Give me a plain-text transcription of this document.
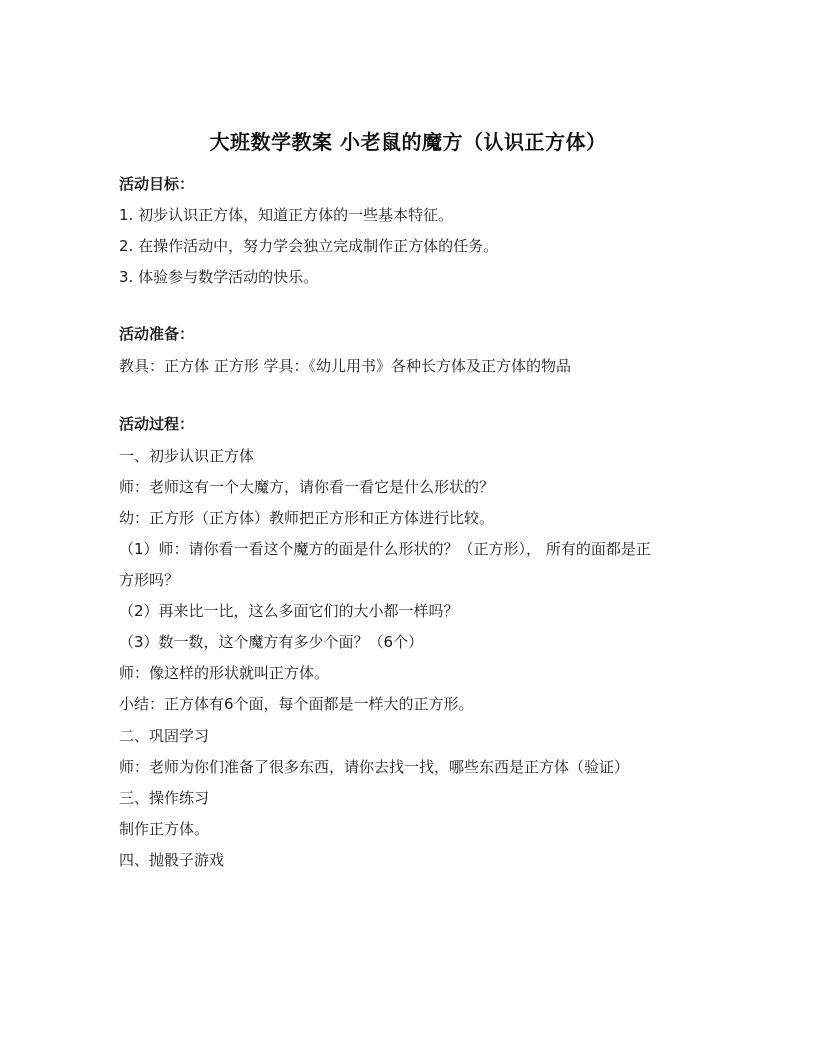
大班数学教案 小老鼠的魔方（认识正方体）
活动目标：
1. 初步认识正方体，知道正方体的一些基本特征。
2. 在操作活动中，努力学会独立完成制作正方体的任务。
3. 体验参与数学活动的快乐。
活动准备：
教具：正方体 正方形 学具：《幼儿用书》各种长方体及正方体的物品
活动过程：
一、初步认识正方体
师：老师这有一个大魔方，请你看一看它是什么形状的？
幼：正方形（正方体）教师把正方形和正方体进行比较。
（1）师：请你看一看这个魔方的面是什么形状的？（正方形）， 所有的面都是正
方形吗？
（2）再来比一比，这么多面它们的大小都一样吗？
（3）数一数，这个魔方有多少个面？（6个）
师：像这样的形状就叫正方体。
小结：正方体有6个面，每个面都是一样大的正方形。
二、巩固学习
师：老师为你们准备了很多东西，请你去找一找，哪些东西是正方体（验证）
三、操作练习
制作正方体。
四、抛骰子游戏
